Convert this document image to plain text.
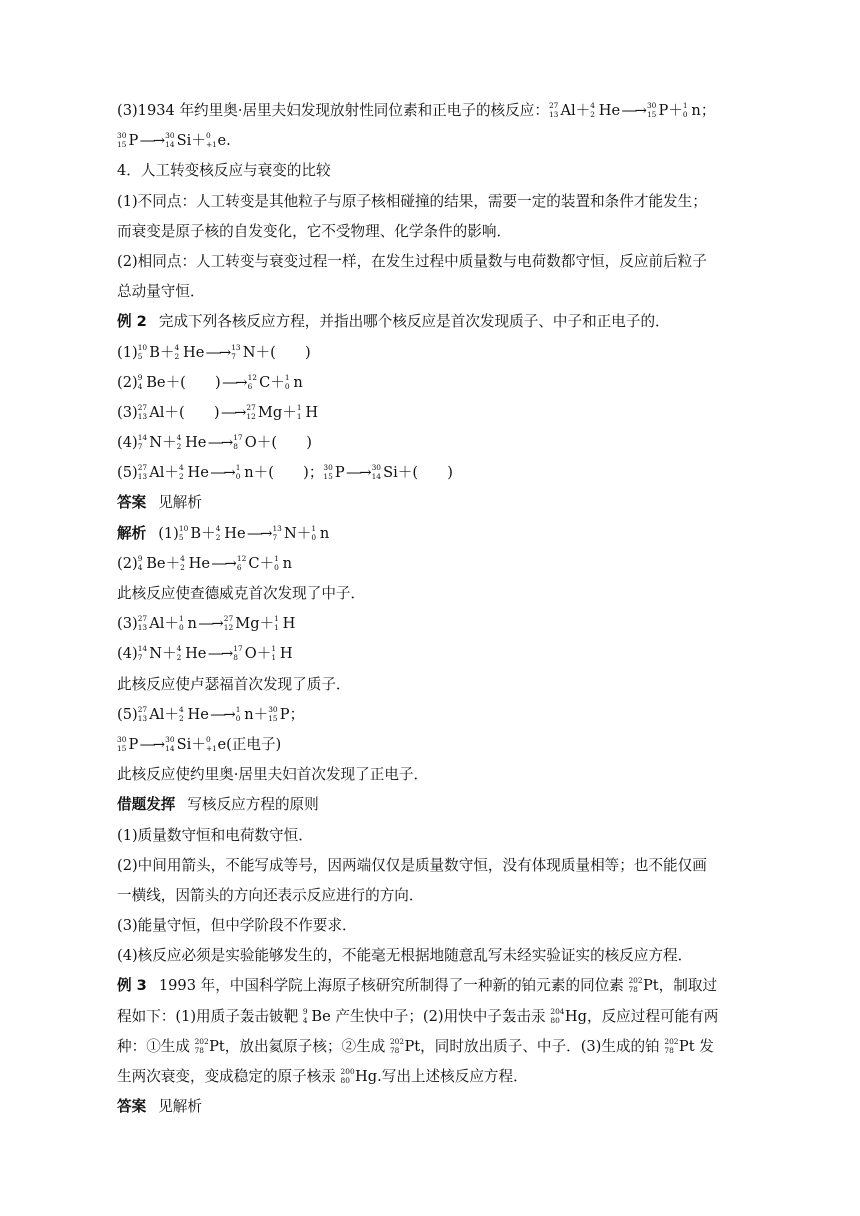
(3)1934 年约里奥·居里夫妇发现放射性同位素和正电子的核反应： 27
13 Al＋ 4
2 He ―→ 30
15 P＋ 1
0 n；
30
15 P ―→ 30
14 Si＋ 0
+1 e.
4．人工转变核反应与衰变的比较
(1)不同点：人工转变是其他粒子与原子核相碰撞的结果，需要一定的装置和条件才能发生；
而衰变是原子核的自发变化，它不受物理、化学条件的影响．
(2)相同点：人工转变与衰变过程一样，在发生过程中质量数与电荷数都守恒，反应前后粒子
总动量守恒．
例 2 完成下列各核反应方程，并指出哪个核反应是首次发现质子、中子和正电子的．
(1) 10
5 B＋ 4
2 He ―→ 13
7 N＋(　　)
(2) 9
4 Be＋(　　) ―→ 12
6 C＋ 1
0 n
(3) 27
13 Al＋(　　) ―→ 27
12 Mg＋ 1
1 H
(4) 14
7 N＋ 4
2 He ―→ 17
8 O＋(　　)
(5) 27
13 Al＋ 4
2 He ―→ 1
0 n＋(　　)； 30
15 P ―→ 30
14 Si＋(　　)
答案 见解析
解析 (1) 10
5 B＋ 4
2 He ―→ 13
7 N＋ 1
0 n
(2) 9
4 Be＋ 4
2 He ―→ 12
6 C＋ 1
0 n
此核反应使查德威克首次发现了中子．
(3) 27
13 Al＋ 1
0 n ―→ 27
12 Mg＋ 1
1 H
(4) 14
7 N＋ 4
2 He ―→ 17
8 O＋ 1
1 H
此核反应使卢瑟福首次发现了质子．
(5) 27
13 Al＋ 4
2 He ―→ 1
0 n＋ 30
15 P；
30
15 P ―→ 30
14 Si＋ 0
+1 e(正电子)
此核反应使约里奥·居里夫妇首次发现了正电子．
借题发挥 写核反应方程的原则
(1)质量数守恒和电荷数守恒．
(2)中间用箭头，不能写成等号，因两端仅仅是质量数守恒，没有体现质量相等；也不能仅画
一横线，因箭头的方向还表示反应进行的方向．
(3)能量守恒，但中学阶段不作要求．
(4)核反应必须是实验能够发生的，不能毫无根据地随意乱写未经实验证实的核反应方程．
例 3 1993 年，中国科学院上海原子核研究所制得了一种新的铂元素的同位素 202
78 Pt，制取过
程如下：(1)用质子轰击铍靶 9
4 Be 产生快中子；(2)用快中子轰击汞 204
80 Hg，反应过程可能有两
种：①生成 202
78 Pt，放出氦原子核；②生成 202
78 Pt，同时放出质子、中子．(3)生成的铂 202
78 Pt 发
生两次衰变，变成稳定的原子核汞 200
80 Hg.写出上述核反应方程．
答案 见解析
